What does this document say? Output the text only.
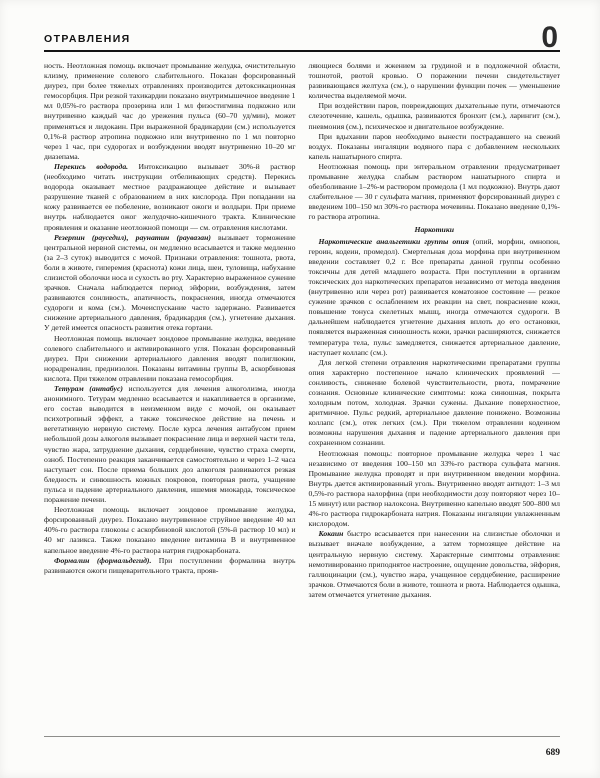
ОТРАВЛЕНИЯ	0

ность. Неотложная помощь включает промывание желудка, очистительную клизму, применение солевого слабительного. Показан форсированный диурез, при более тяжелых отравлениях производится детоксикационная гемосорбция. При резкой тахикардии показано внутримышечное введение 1 мл 0,05%-го раствора прозерина или 1 мл физостигмина подкожно или внутривенно каждый час до урежения пульса (60–70 уд/мин), может применяться и лидокаин. При выраженной брадикардии (см.) используется 0,1%-й раствор атропина подкожно или внутривенно по 1 мл повторно через 1 час, при судорогах и возбуждении вводят внутривенно 10–20 мг диазепама.

Перекись водорода. Интоксикацию вызывает 30%-й раствор (необходимо читать инструкции отбеливающих средств). Перекись водорода оказывает местное раздражающее действие и вызывает разрушение тканей с образованием в них кислорода. При попадании на кожу развивается ее побеление, возникают ожоги и волдыри. При приеме внутрь наблюдается ожог желудочно-кишечного тракта. Клинические проявления и оказание неотложной помощи — см. отравления кислотами.

Резерпин (рауседил), раунатин (раувазан) вызывает торможение центральной нервной системы, он медленно всасывается и также медленно (за 2–3 суток) выводится с мочой. Признаки отравления: тошнота, рвота, боли в животе, гиперемия (краснота) кожи лица, шеи, туловища, набухание слизистой оболочки носа и сухость во рту. Характерно выраженное сужение зрачков. Сначала наблюдается период эйфории, возбуждения, затем развиваются сонливость, апатичность, покраснения, иногда отмечаются судороги и кома (см.). Мочеиспускание часто задержано. Развивается снижение артериального давления, брадикардия (см.), угнетение дыхания. У детей имеется опасность развития отека гортани.

Неотложная помощь включает зондовое промывание желудка, введение солевого слабительного и активированного угля. Показан форсированный диурез. При снижении артериального давления вводят полиглюкин, норадреналин, преднизолон. Показаны витамины группы В, аскорбиновая кислота. При тяжелом отравлении показана гемосорбция.

Тетурам (антабус) используется для лечения алкоголизма, иногда анонимного. Тетурам медленно всасывается и накапливается в организме, его состав выводится в неизменном виде с мочой, он оказывает психотропный эффект, а также токсическое действие на печень и вегетативную нервную систему. После курса лечения антабусом прием небольшой дозы алкоголя вызывает покраснение лица и верхней части тела, чувство жара, затруднение дыхания, сердцебиение, чувство страха смерти, озноб. Постепенно реакция заканчивается самостоятельно и через 1–2 часа наступает сон. После приема больших доз алкоголя развиваются резкая бледность и синюшность кожных покровов, повторная рвота, учащение пульса и падение артериального давления, ишемия миокарда, токсическое поражение печени.

Неотложная помощь включает зондовое промывание желудка, форсированный диурез. Показано внутривенное струйное введение 40 мл 40%-го раствора глюкозы с аскорбиновой кислотой (5%-й раствор 10 мл) и 40 мг лазикса. Также показано введение витамина В и внутривенное капельное введение 4%-го раствора натрия гидрокарбоната.

Формалин (формальдегид). При поступлении формалина внутрь развиваются ожоги пищеварительного тракта, прояв-

ляющиеся болями и жжением за грудиной и в подложечной области, тошнотой, рвотой кровью. О поражении печени свидетельствует развивающаяся желтуха (см.), о нарушении функции почек — уменьшение количества выделяемой мочи.

При воздействии паров, повреждающих дыхательные пути, отмечаются слезотечение, кашель, одышка, развиваются бронхит (см.), ларингит (см.), пневмония (см.), психическое и двигательное возбуждение.

При вдыхании паров необходимо вынести пострадавшего на свежий воздух. Показаны ингаляции водяного пара с добавлением нескольких капель нашатырного спирта.

Неотложная помощь при энтеральном отравлении предусматривает промывание желудка слабым раствором нашатырного спирта и обезболивание 1–2%-м раствором промедола (1 мл подкожно). Внутрь дают слабительное — 30 г сульфата магния, применяют форсированный диурез с введением 100–150 мл 30%-го раствора мочевины. Показано введение 0,1%-го раствора атропина.

Наркотики

Наркотические анальгетики группы опия (опий, морфин, омнопон, героин, кодеин, промедол). Смертельная доза морфина при внутривенном введении составляет 0,2 г. Все препараты данной группы особенно токсичны для детей младшего возраста. При поступлении в организм токсических доз наркотических препаратов независимо от метода введения (внутривенно или через рот) развивается коматозное состояние — резкое сужение зрачков с ослаблением их реакции на свет, покраснение кожи, повышение тонуса скелетных мышц, иногда отмечаются судороги. В дальнейшем наблюдается угнетение дыхания вплоть до его остановки, появляется выраженная синюшность кожи, зрачки расширяются, снижается температура тела, пульс замедляется, снижается артериальное давление, наступает коллапс (см.).

Для легкой степени отравления наркотическими препаратами группы опия характерно постепенное начало клинических проявлений — сонливость, снижение болевой чувствительности, рвота, помрачение сознания. Основные клинические симптомы: кожа синюшная, покрыта холодным потом, холодная. Зрачки сужены. Дыхание поверхностное, аритмичное. Пульс редкий, артериальное давление понижено. Возможны коллапс (см.), отек легких (см.). При тяжелом отравлении кодеином возможны нарушения дыхания и падение артериального давления при сохраненном сознании.

Неотложная помощь: повторное промывание желудка через 1 час независимо от введения 100–150 мл 33%-го раствора сульфата магния. Промывание желудка проводят и при внутривенном введении морфина. Внутрь дается активированный уголь. Внутривенно вводят антидот: 1–3 мл 0,5%-го раствора налорфина (при необходимости дозу повторяют через 10–15 минут) или раствор налоксона. Внутривенно капельно вводят 500–800 мл 4%-го раствора гидрокарбоната натрия. Показаны ингаляции увлажненным кислородом.

Кокаин быстро всасывается при нанесении на слизистые оболочки и вызывает вначале возбуждение, а затем тормозящее действие на центральную нервную систему. Характерные симптомы отравления: немотивированно приподнятое настроение, ощущение довольства, эйфория, галлюцинации (см.), чувство жара, учащенное сердцебиение, расширение зрачков. Отмечаются боли в животе, тошнота и рвота. Наблюдается одышка, затем отмечается угнетение дыхания.

689
